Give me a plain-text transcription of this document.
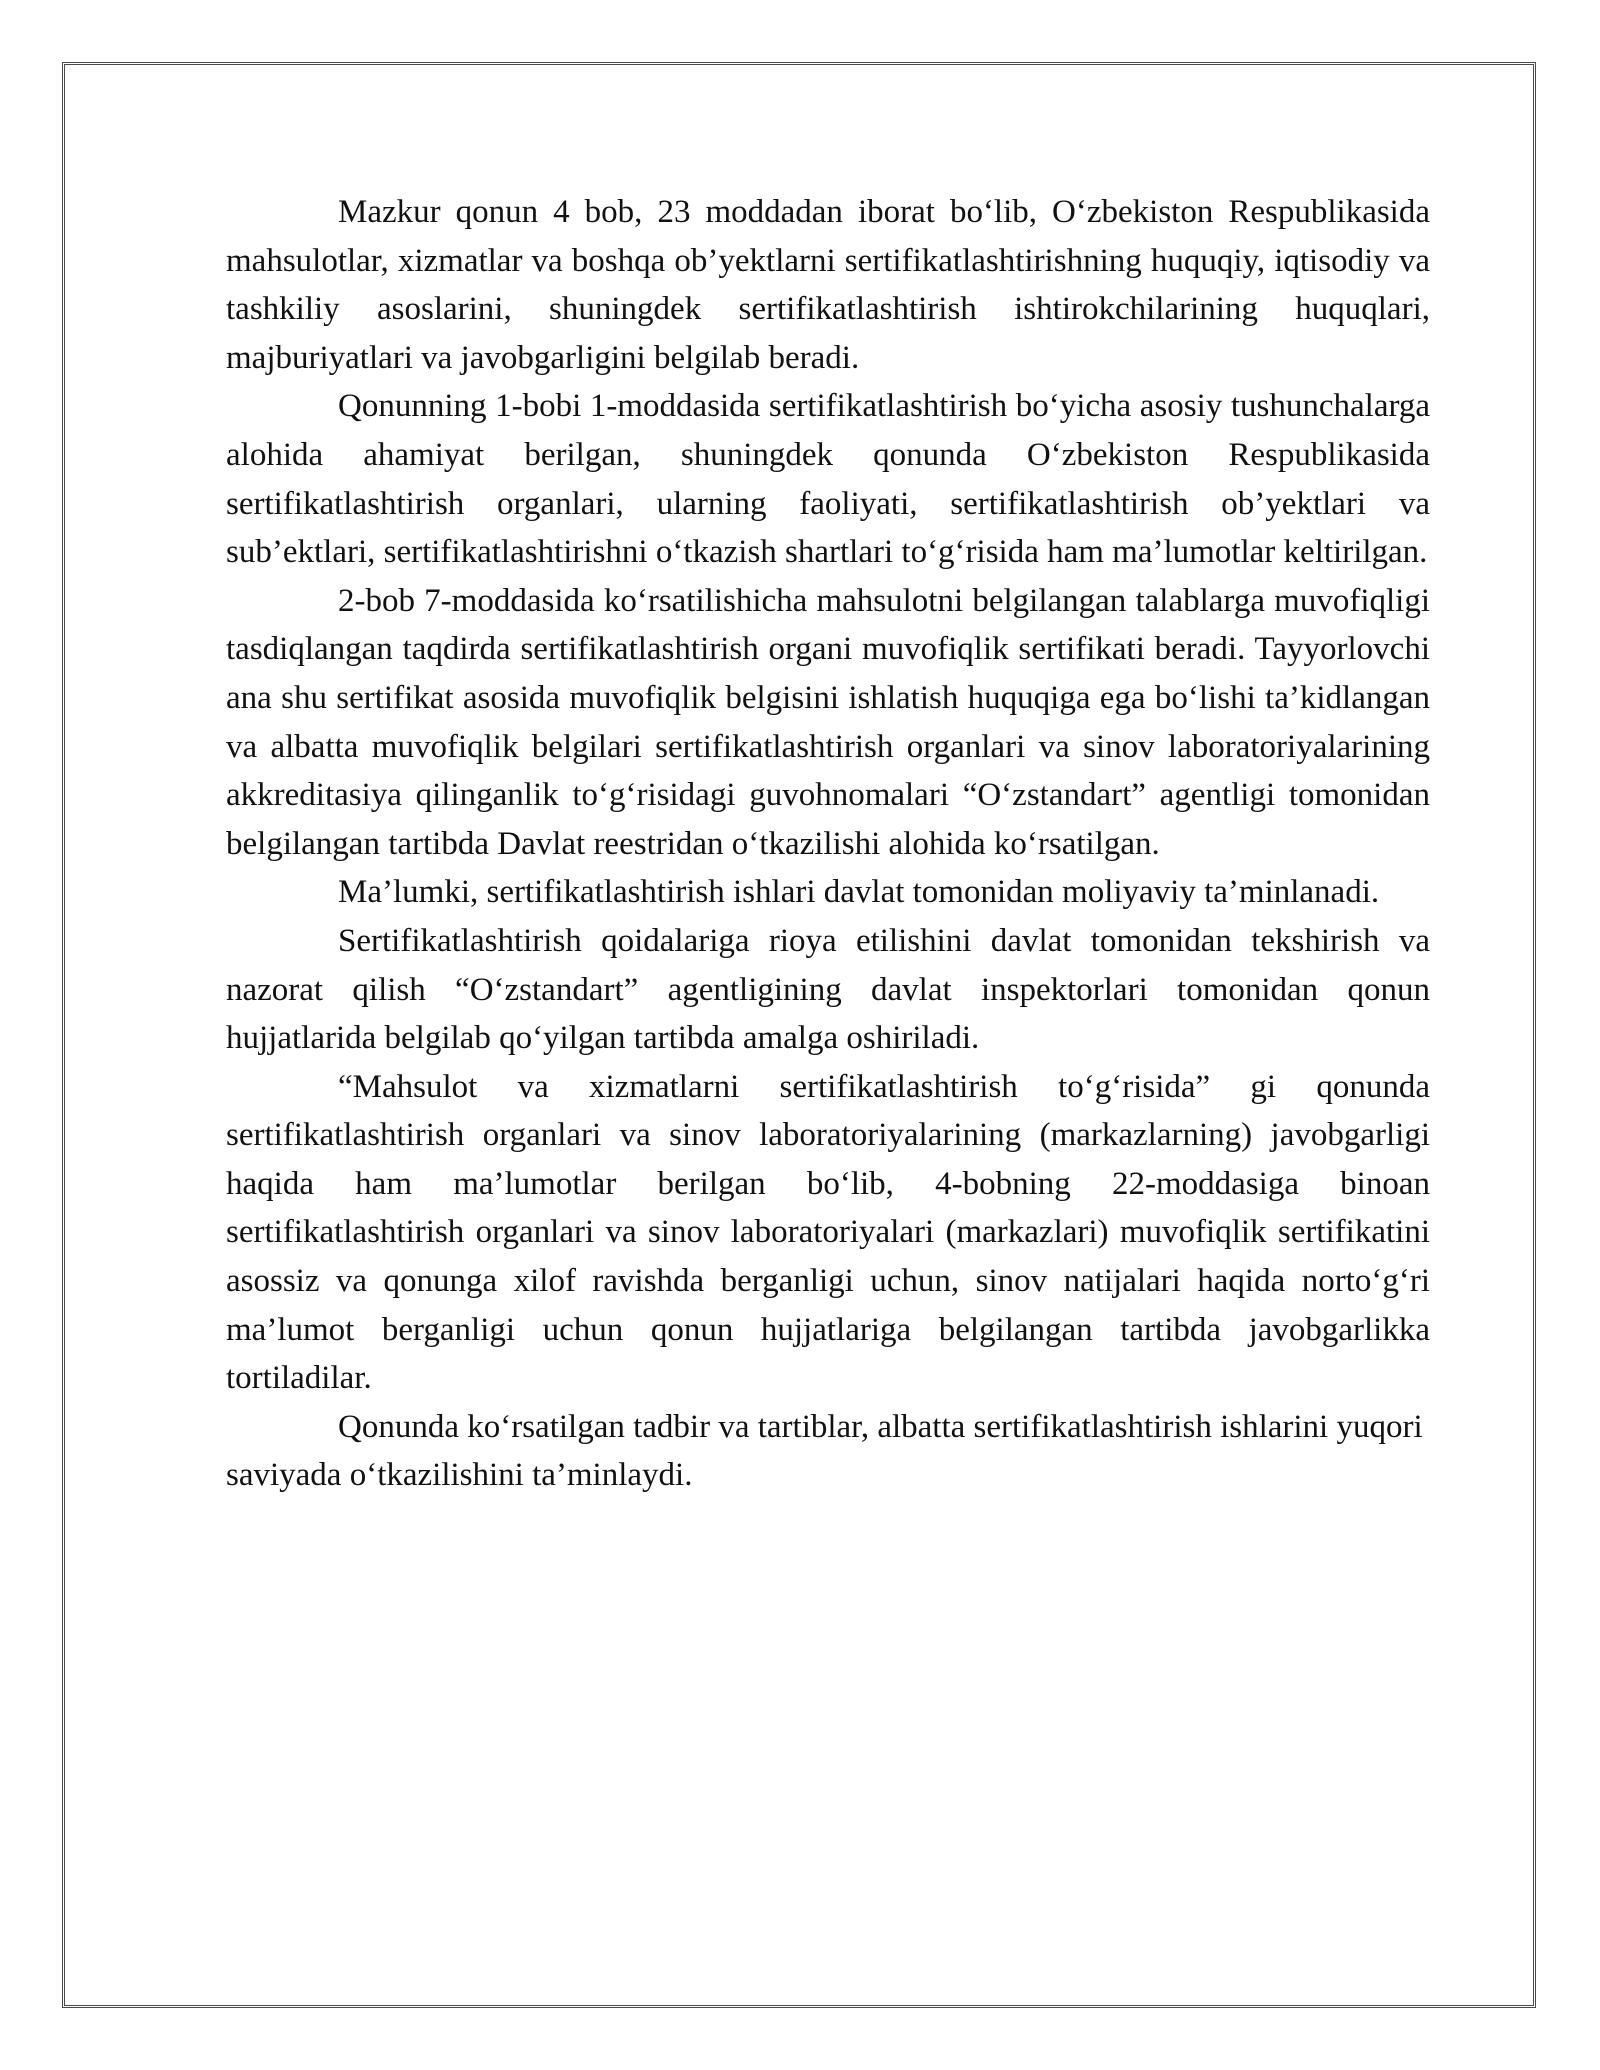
Mazkur qonun 4 bob, 23 moddadan iborat boʻlib, Oʻzbekiston Respublikasida mahsulotlar, xizmatlar va boshqa ob’yektlarni sertifikatlashtirishning huquqiy, iqtisodiy va tashkiliy asoslarini, shuningdek sertifikatlashtirish ishtirokchilarining huquqlari, majburiyatlari va javobgarligini belgilab beradi.

Qonunning 1-bobi 1-moddasida sertifikatlashtirish boʻyicha asosiy tushunchalarga alohida ahamiyat berilgan, shuningdek qonunda Oʻzbekiston Respublikasida sertifikatlashtirish organlari, ularning faoliyati, sertifikatlashtirish ob’yektlari va sub’ektlari, sertifikatlashtirishni oʻtkazish shartlari toʻgʻrisida ham ma’lumotlar keltirilgan.

2-bob 7-moddasida koʻrsatilishicha mahsulotni belgilangan talablarga muvofiqligi tasdiqlangan taqdirda sertifikatlashtirish organi muvofiqlik sertifikati beradi. Tayyorlovchi ana shu sertifikat asosida muvofiqlik belgisini ishlatish huquqiga ega boʻlishi ta’kidlangan va albatta muvofiqlik belgilari sertifikatlashtirish organlari va sinov laboratoriyalarining akkreditasiya qilinganlik toʻgʻrisidagi guvohnomalari “Oʻzstandart” agentligi tomonidan belgilangan tartibda Davlat reestridan oʻtkazilishi alohida koʻrsatilgan.

Ma’lumki, sertifikatlashtirish ishlari davlat tomonidan moliyaviy ta’minlanadi.

Sertifikatlashtirish qoidalariga rioya etilishini davlat tomonidan tekshirish va nazorat qilish “Oʻzstandart” agentligining davlat inspektorlari tomonidan qonun hujjatlarida belgilab qoʻyilgan tartibda amalga oshiriladi.

“Mahsulot va xizmatlarni sertifikatlashtirish toʻgʻrisida” gi qonunda sertifikatlashtirish organlari va sinov laboratoriyalarining (markazlarning) javobgarligi haqida ham ma’lumotlar berilgan boʻlib, 4-bobning 22-moddasiga binoan sertifikatlashtirish organlari va sinov laboratoriyalari (markazlari) muvofiqlik sertifikatini asossiz va qonunga xilof ravishda berganligi uchun, sinov natijalari haqida nortoʻgʻri ma’lumot berganligi uchun qonun hujjatlariga belgilangan tartibda javobgarlikka tortiladilar.

Qonunda koʻrsatilgan tadbir va tartiblar, albatta sertifikatlashtirish ishlarini yuqori saviyada oʻtkazilishini ta’minlaydi.
